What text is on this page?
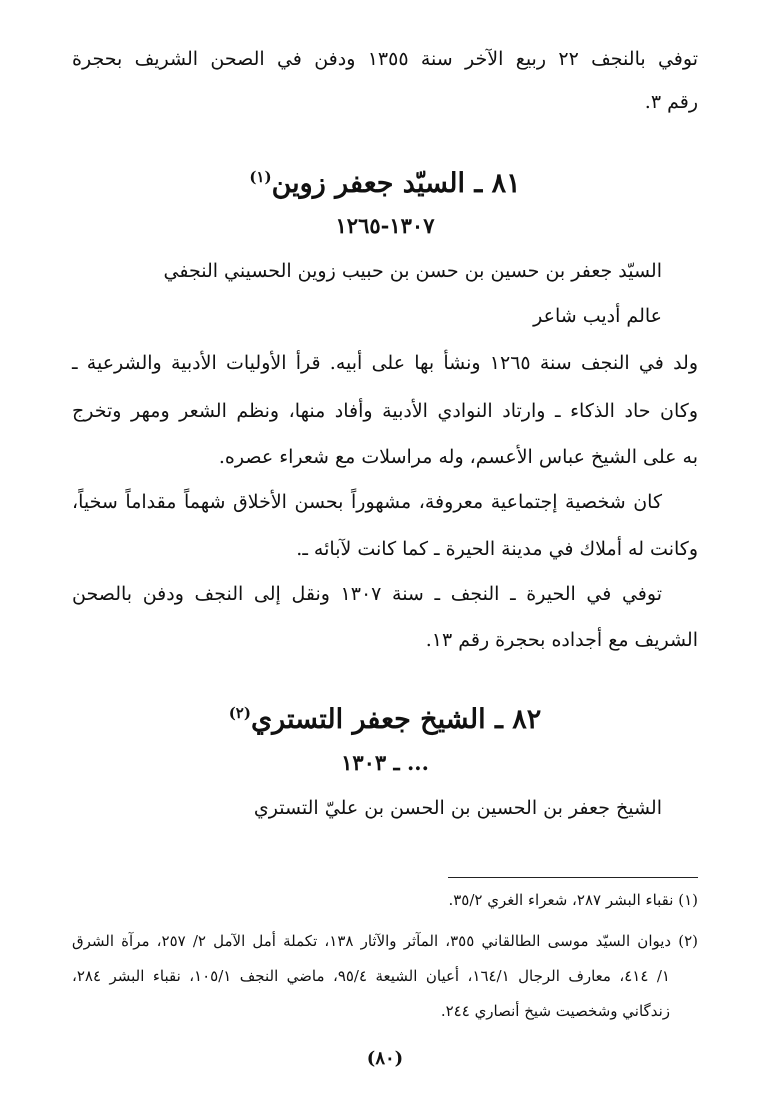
توفي بالنجف ٢٢ ربيع الآخر سنة ١٣٥٥ ودفن في الصحن الشريف بحجرة
رقم ٣.
٨١ ـ السيّد جعفر زوين$^{(١)}$
١٣٠٧-١٢٦٥
السيّد جعفر بن حسين بن حسن بن حبيب زوين الحسيني النجفي
عالم أديب شاعر
ولد في النجف سنة ١٢٦٥ ونشأ بها على أبيه. قرأ الأوليات الأدبية والشرعية ـ
وكان حاد الذكاء ـ وارتاد النوادي الأدبية وأفاد منها، ونظم الشعر ومهر وتخرج
به على الشيخ عباس الأعسم، وله مراسلات مع شعراء عصره.
كان شخصية إجتماعية معروفة، مشهوراً بحسن الأخلاق شهماً مقداماً سخياً،
وكانت له أملاك في مدينة الحيرة ـ كما كانت لآبائه ـ.
توفي في الحيرة ـ النجف ـ سنة ١٣٠٧ ونقل إلى النجف ودفن بالصحن
الشريف مع أجداده بحجرة رقم ١٣.
٨٢ ـ الشيخ جعفر التستري$^{(٢)}$
... ـ ١٣٠٣
الشيخ جعفر بن الحسين بن الحسن بن عليّ التستري
(١) نقباء البشر ٢٨٧، شعراء الغري ٣٥/٢.
(٢) ديوان السيّد موسى الطالقاني ٣٥٥، المآثر والآثار ١٣٨، تكملة أمل الآمل ٢/ ٢٥٧، مرآة الشرق
١/ ٤١٤، معارف الرجال ١٦٤/١، أعيان الشيعة ٩٥/٤، ماضي النجف ١٠٥/١، نقباء البشر ٢٨٤،
زندگاني وشخصيت شيخ أنصاري ٢٤٤.
(٨٠)
